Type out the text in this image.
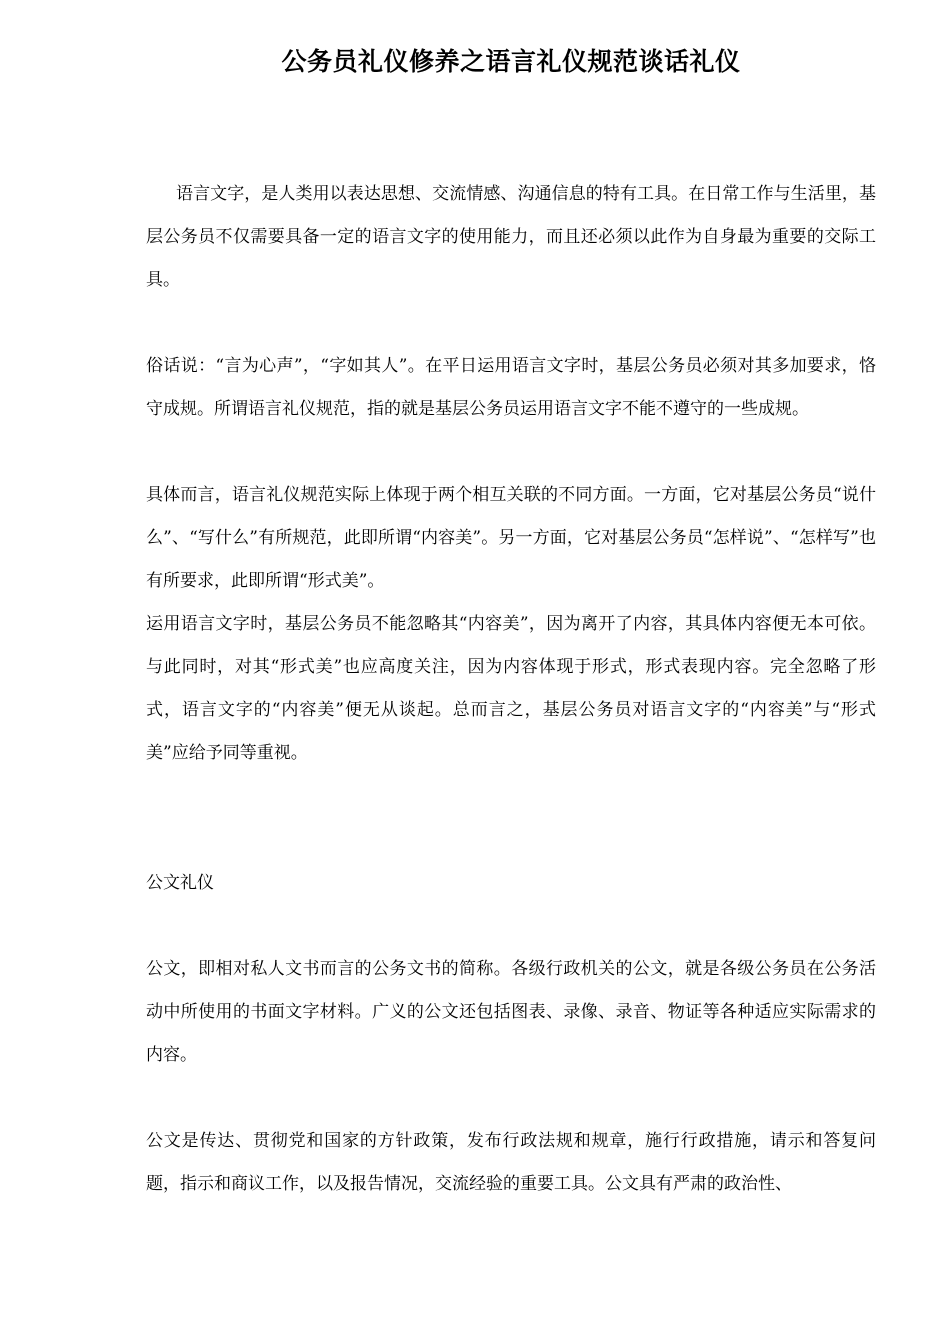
公务员礼仪修养之语言礼仪规范谈话礼仪

语言文字，是人类用以表达思想、交流情感、沟通信息的特有工具。在日常工作与生活里，基层公务员不仅需要具备一定的语言文字的使用能力，而且还必须以此作为自身最为重要的交际工具。

俗话说：“言为心声”，“字如其人”。在平日运用语言文字时，基层公务员必须对其多加要求，恪守成规。所谓语言礼仪规范，指的就是基层公务员运用语言文字不能不遵守的一些成规。

具体而言，语言礼仪规范实际上体现于两个相互关联的不同方面。一方面，它对基层公务员“说什么”、“写什么”有所规范，此即所谓“内容美”。另一方面，它对基层公务员“怎样说”、“怎样写”也有所要求，此即所谓“形式美”。

运用语言文字时，基层公务员不能忽略其“内容美”，因为离开了内容，其具体内容便无本可依。与此同时，对其“形式美”也应高度关注，因为内容体现于形式，形式表现内容。完全忽略了形式，语言文字的“内容美”便无从谈起。总而言之，基层公务员对语言文字的“内容美”与“形式美”应给予同等重视。

公文礼仪

公文，即相对私人文书而言的公务文书的简称。各级行政机关的公文，就是各级公务员在公务活动中所使用的书面文字材料。广义的公文还包括图表、录像、录音、物证等各种适应实际需求的内容。

公文是传达、贯彻党和国家的方针政策，发布行政法规和规章，施行行政措施，请示和答复问题，指示和商议工作，以及报告情况，交流经验的重要工具。公文具有严肃的政治性、
